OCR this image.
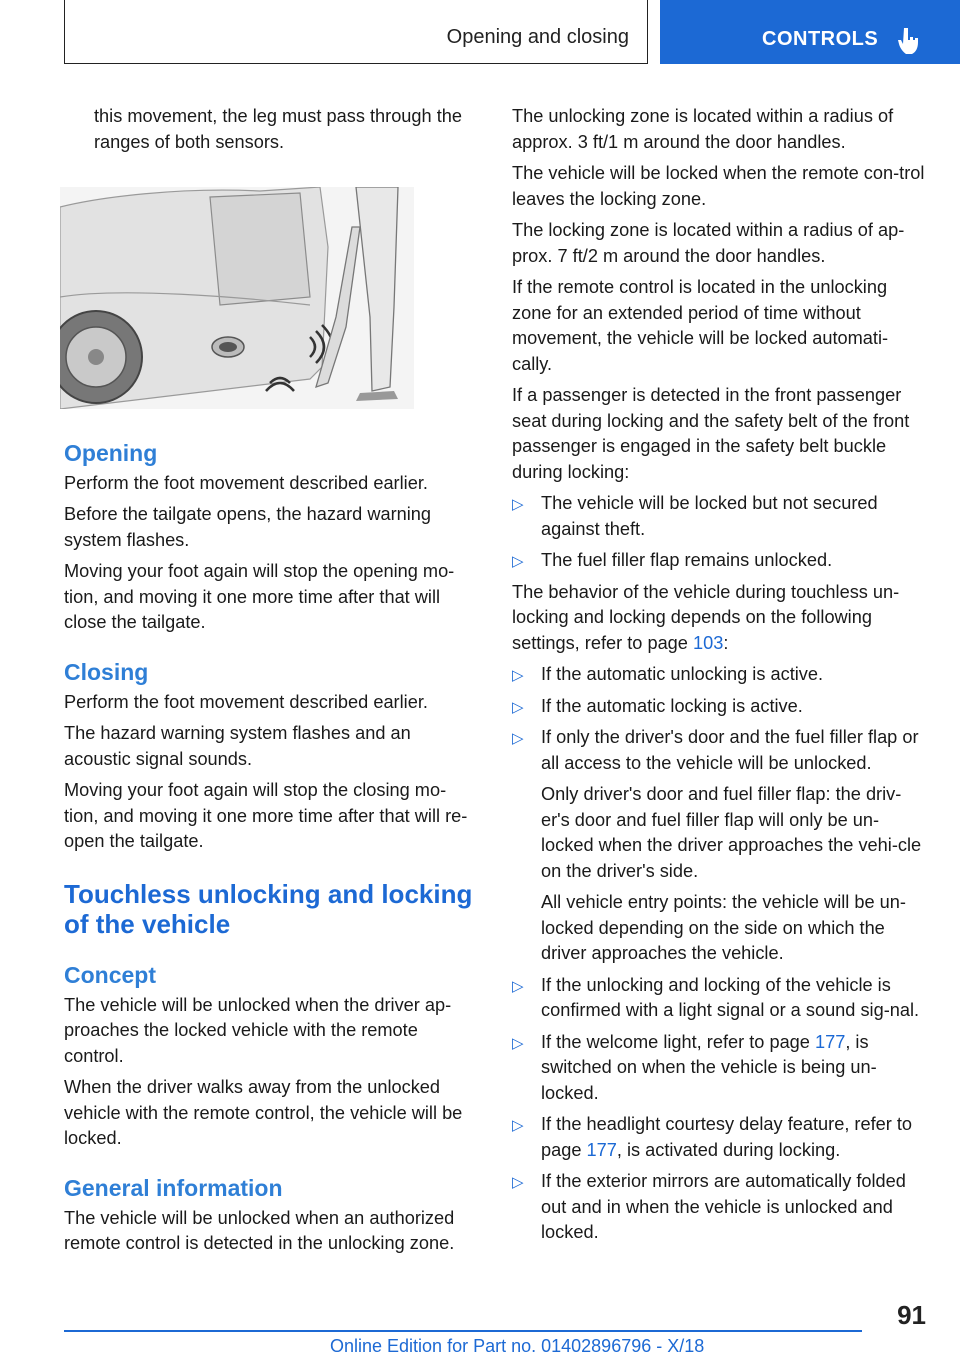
Opening and closing	CONTROLS

this movement, the leg must pass through the ranges of both sensors.

Opening

Perform the foot movement described earlier.

Before the tailgate opens, the hazard warning system flashes.

Moving your foot again will stop the opening mo-tion, and moving it one more time after that will close the tailgate.

Closing

Perform the foot movement described earlier.

The hazard warning system flashes and an acoustic signal sounds.

Moving your foot again will stop the closing mo-tion, and moving it one more time after that will re-open the tailgate.

Touchless unlocking and locking of the vehicle
Concept

The vehicle will be unlocked when the driver ap-proaches the locked vehicle with the remote control.

When the driver walks away from the unlocked vehicle with the remote control, the vehicle will be locked.

General information

The vehicle will be unlocked when an authorized remote control is detected in the unlocking zone.

The unlocking zone is located within a radius of approx. 3 ft/1 m around the door handles.

The vehicle will be locked when the remote con-trol leaves the locking zone.

The locking zone is located within a radius of ap-prox. 7 ft/2 m around the door handles.

If the remote control is located in the unlocking zone for an extended period of time without movement, the vehicle will be locked automati-cally.

If a passenger is detected in the front passenger seat during locking and the safety belt of the front passenger is engaged in the safety belt buckle during locking:

▷ The vehicle will be locked but not secured against theft.
▷ The fuel filler flap remains unlocked.

The behavior of the vehicle during touchless un-locking and locking depends on the following settings, refer to page 103:

▷ If the automatic unlocking is active.
▷ If the automatic locking is active.
▷ If only the driver's door and the fuel filler flap or all access to the vehicle will be unlocked.
Only driver's door and fuel filler flap: the driv-er's door and fuel filler flap will only be un-locked when the driver approaches the vehi-cle on the driver's side.
All vehicle entry points: the vehicle will be un-locked depending on the side on which the driver approaches the vehicle.
▷ If the unlocking and locking of the vehicle is confirmed with a light signal or a sound sig-nal.
▷ If the welcome light, refer to page 177, is switched on when the vehicle is being un-locked.
▷ If the headlight courtesy delay feature, refer to page 177, is activated during locking.
▷ If the exterior mirrors are automatically folded out and in when the vehicle is unlocked and locked.
91
Online Edition for Part no. 01402896796 - X/18
